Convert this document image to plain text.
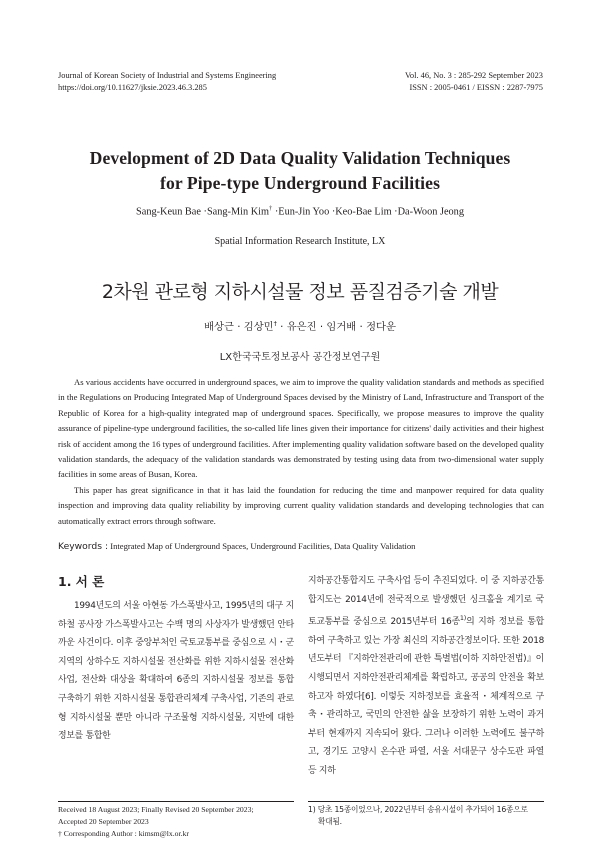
Journal of Korean Society of Industrial and Systems Engineering
https://doi.org/10.11627/jksie.2023.46.3.285
Vol. 46, No. 3 : 285-292 September 2023
ISSN : 2005-0461 / EISSN : 2287-7975
Development of 2D Data Quality Validation Techniques
for Pipe-type Underground Facilities
Sang-Keun Bae ·Sang-Min Kim† ·Eun-Jin Yoo ·Keo-Bae Lim ·Da-Woon Jeong
Spatial Information Research Institute, LX
2차원 관로형 지하시설물 정보 품질검증기술 개발
배상근 · 김상민† · 유은진 · 임거배 · 정다운
LX한국국토정보공사 공간정보연구원

As various accidents have occurred in underground spaces, we aim to improve the quality validation standards and methods as specified in the Regulations on Producing Integrated Map of Underground Spaces devised by the Ministry of Land, Infrastructure and Transport of the Republic of Korea for a high-quality integrated map of underground spaces. Specifically, we propose measures to improve the quality assurance of pipeline-type underground facilities, the so-called life lines given their importance for citizens' daily activities and their highest risk of accident among the 16 types of underground facilities. After implementing quality validation software based on the developed quality validation standards, the adequacy of the validation standards was demonstrated by testing using data from two-dimensional water supply facilities in some areas of Busan, Korea.

This paper has great significance in that it has laid the foundation for reducing the time and manpower required for data quality inspection and improving data quality reliability by improving current quality validation standards and developing technologies that can automatically extract errors through software.

Keywords : Integrated Map of Underground Spaces, Underground Facilities, Data Quality Validation
1. 서 론

1994년도의 서울 아현동 가스폭발사고, 1995년의 대구 지하철 공사장 가스폭발사고는 수백 명의 사상자가 발생했던 안타까운 사건이다. 이후 중앙부처인 국토교통부를 중심으로 시・군 지역의 상하수도 지하시설물 전산화를 위한 지하시설물 전산화 사업, 전산화 대상을 확대하여 6종의 지하시설물 정보를 통합 구축하기 위한 지하시설물 통합관리체계 구축사업, 기존의 관로형 지하시설물 뿐만 아니라 구조물형 지하시설물, 지반에 대한 정보를 통합한

지하공간통합지도 구축사업 등이 추진되었다. 이 중 지하공간통합지도는 2014년에 전국적으로 발생했던 싱크홀을 계기로 국토교통부를 중심으로 2015년부터 16종$^{1)}$의 지하 정보를 통합하여 구축하고 있는 가장 최신의 지하공간정보이다. 또한 2018년도부터 『지하안전관리에 관한 특별법(이하 지하안전법)』이 시행되면서 지하안전관리체계를 확립하고, 공공의 안전을 확보하고자 하였다[6]. 이렇듯 지하정보를 효율적・체계적으로 구축・관리하고, 국민의 안전한 삶을 보장하기 위한 노력이 과거부터 현재까지 지속되어 왔다. 그러나 이러한 노력에도 불구하고, 경기도 고양시 온수관 파열, 서울 서대문구 상수도관 파열 등 지하

Received 18 August 2023; Finally Revised 20 September 2023;
Accepted 20 September 2023
† Corresponding Author : kimsm@lx.or.kr
1) 당초 15종이었으나, 2022년부터 송유시설이 추가되어 16종으로
확대됨.
